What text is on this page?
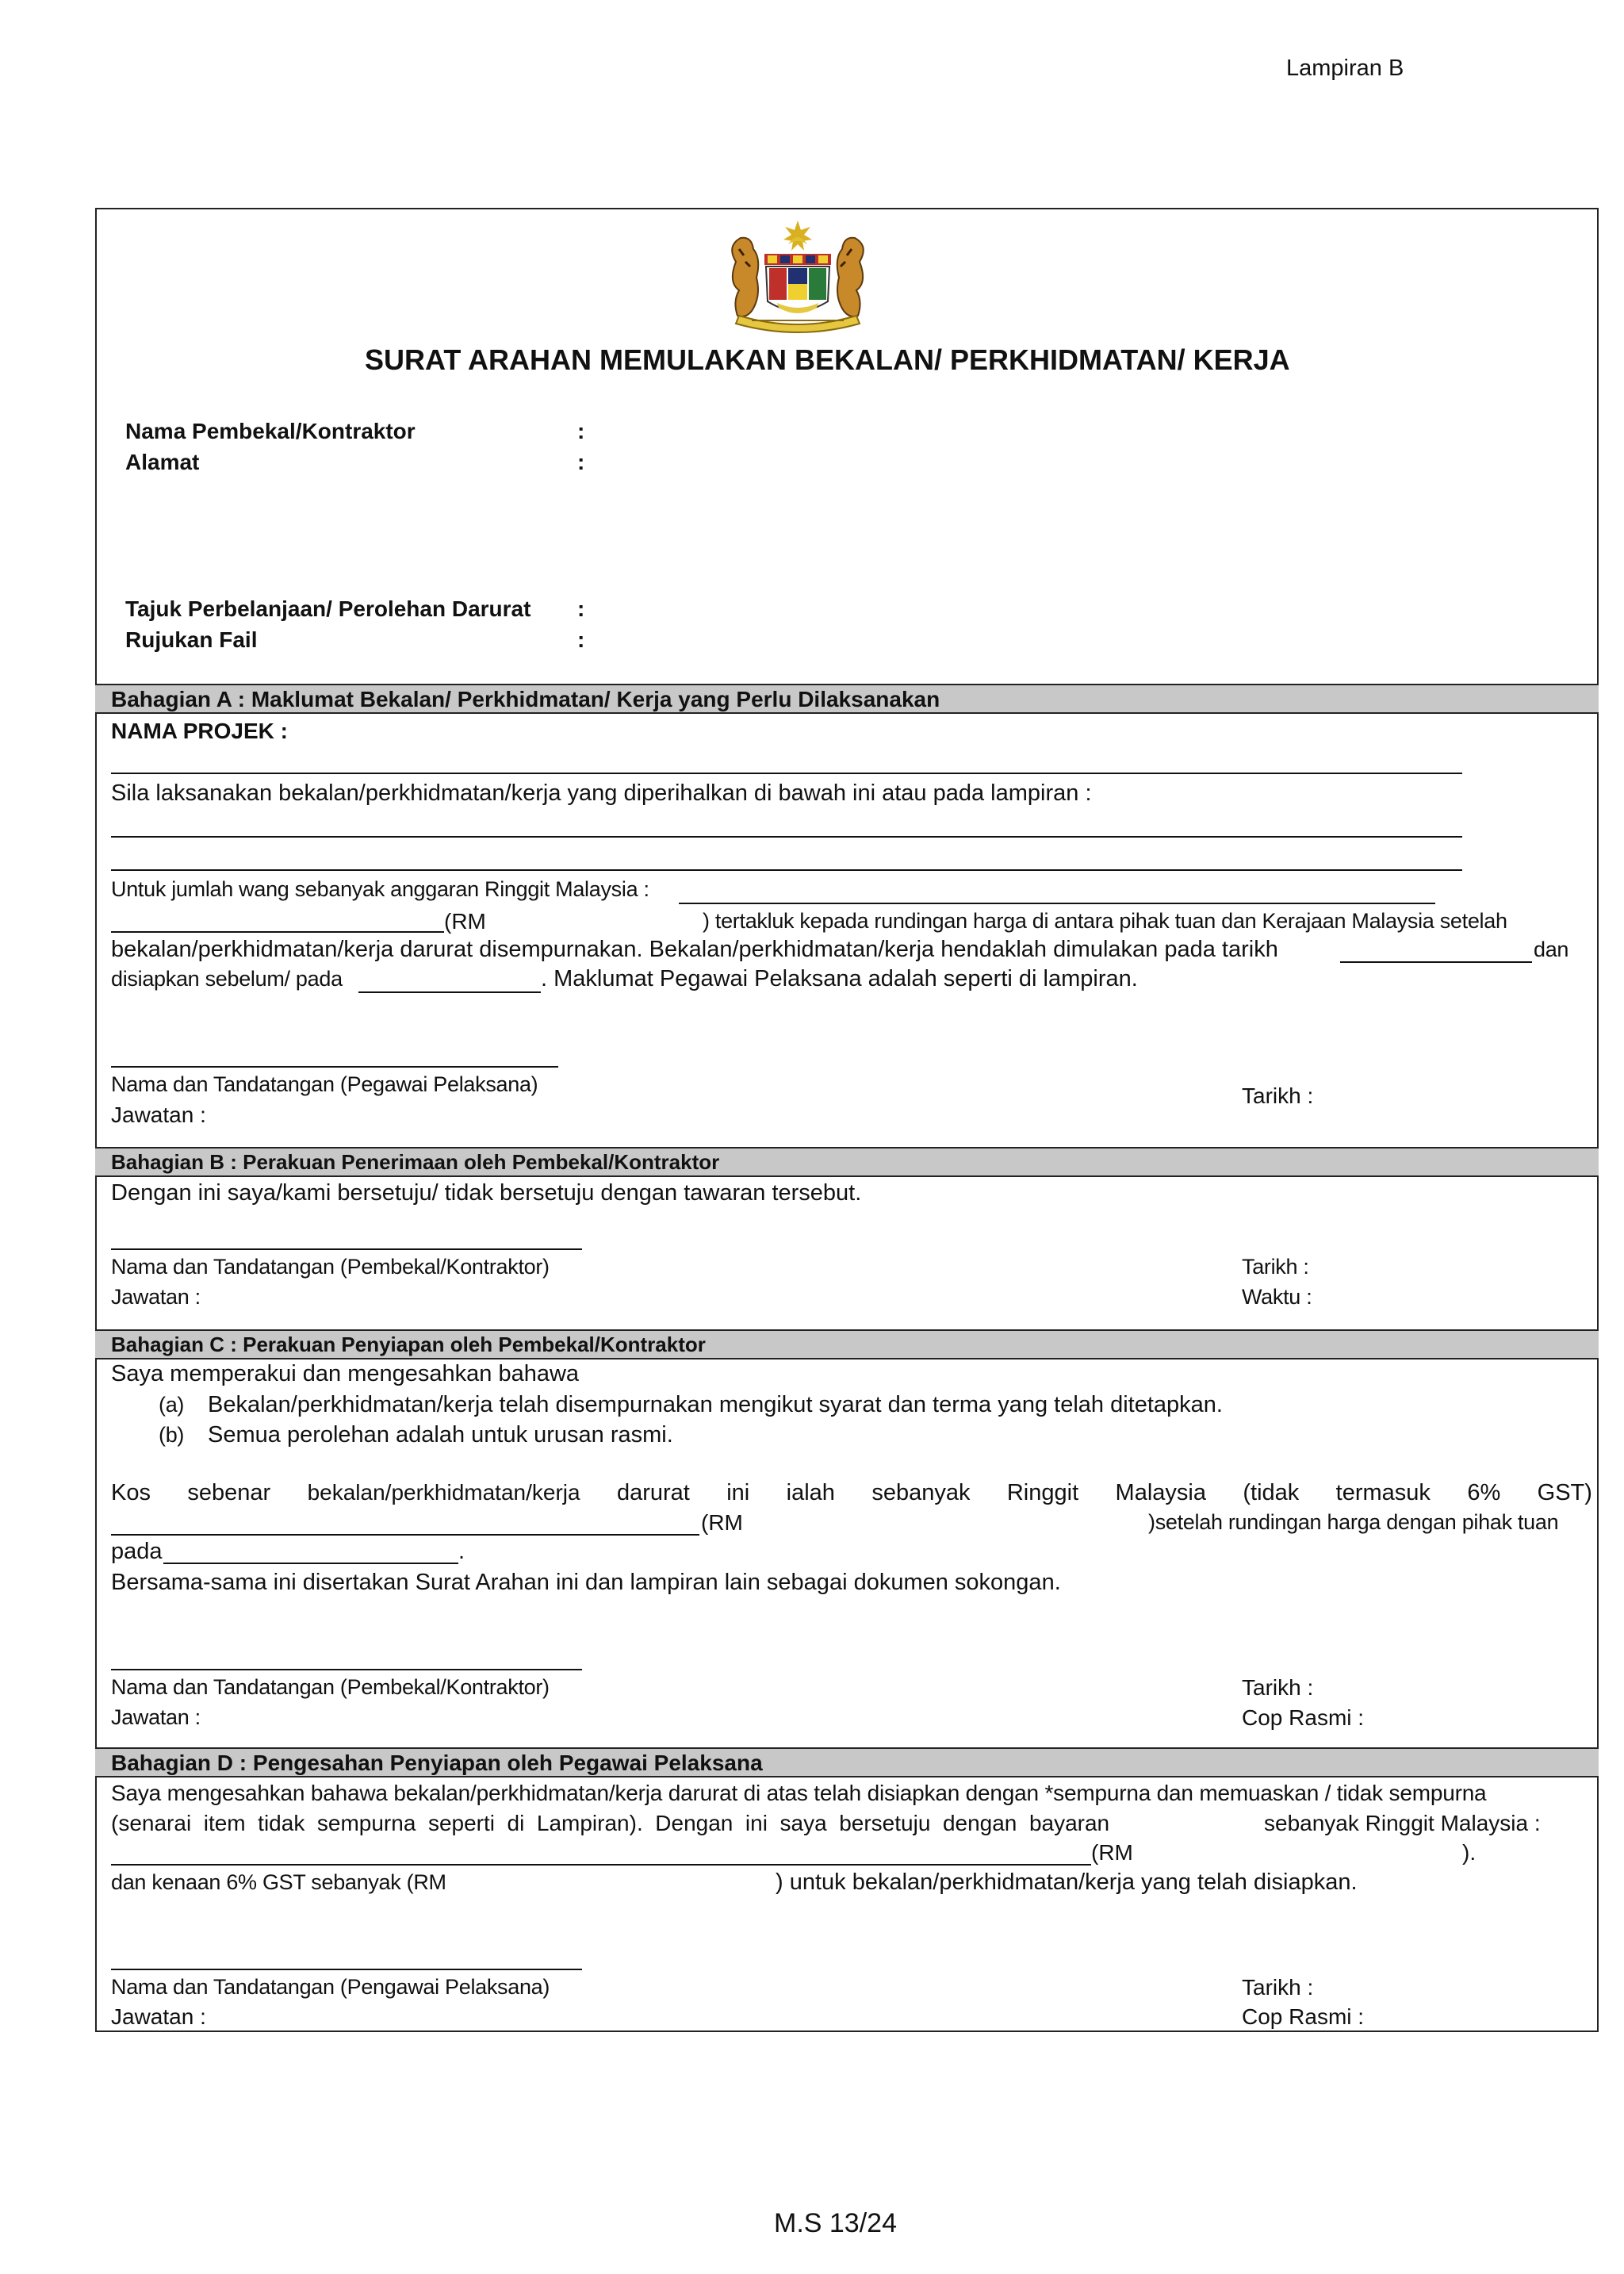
Lampiran B
SURAT ARAHAN MEMULAKAN BEKALAN/ PERKHIDMATAN/ KERJA
Nama Pembekal/Kontraktor	:
Alamat	:
Tajuk Perbelanjaan/ Perolehan Darurat :
Rujukan Fail	:
Bahagian A : Maklumat Bekalan/ Perkhidmatan/ Kerja yang Perlu Dilaksanakan
NAMA PROJEK :
Sila laksanakan bekalan/perkhidmatan/kerja yang diperihalkan di bawah ini atau pada lampiran :
Untuk jumlah wang sebanyak anggaran Ringgit Malaysia :
(RM	) tertakluk kepada rundingan harga di antara pihak tuan dan Kerajaan Malaysia setelah
bekalan/perkhidmatan/kerja darurat disempurnakan. Bekalan/perkhidmatan/kerja hendaklah dimulakan pada tarikh	dan
disiapkan sebelum/ pada	. Maklumat Pegawai Pelaksana adalah seperti di lampiran.
Nama dan Tandatangan (Pegawai Pelaksana)
Jawatan :
Tarikh :
Bahagian B : Perakuan Penerimaan oleh Pembekal/Kontraktor
Dengan ini saya/kami bersetuju/ tidak bersetuju dengan tawaran tersebut.
Nama dan Tandatangan (Pembekal/Kontraktor)
Jawatan :
Tarikh :
Waktu :
Bahagian C : Perakuan Penyiapan oleh Pembekal/Kontraktor
Saya memperakui dan mengesahkan bahawa
(a) Bekalan/perkhidmatan/kerja telah disempurnakan mengikut syarat dan terma yang telah ditetapkan.
(b) Semua perolehan adalah untuk urusan rasmi.
Kos sebenar bekalan/perkhidmatan/kerja darurat ini ialah sebanyak Ringgit Malaysia (tidak termasuk 6% GST)
(RM	)setelah rundingan harga dengan pihak tuan
pada	.
Bersama-sama ini disertakan Surat Arahan ini dan lampiran lain sebagai dokumen sokongan.
Nama dan Tandatangan (Pembekal/Kontraktor)
Jawatan :
Tarikh :
Cop Rasmi :
Bahagian D : Pengesahan Penyiapan oleh Pegawai Pelaksana
Saya mengesahkan bahawa bekalan/perkhidmatan/kerja darurat di atas telah disiapkan dengan *sempurna dan memuaskan / tidak sempurna
(senarai  item  tidak  sempurna  seperti  di  Lampiran).  Dengan  ini  saya  bersetuju  dengan  bayaran	sebanyak Ringgit Malaysia :
(RM	).
dan kenaan 6% GST sebanyak (RM	) untuk bekalan/perkhidmatan/kerja yang telah disiapkan.
Nama dan Tandatangan (Pengawai Pelaksana)
Jawatan :
Tarikh :
Cop Rasmi :
M.S 13/24
